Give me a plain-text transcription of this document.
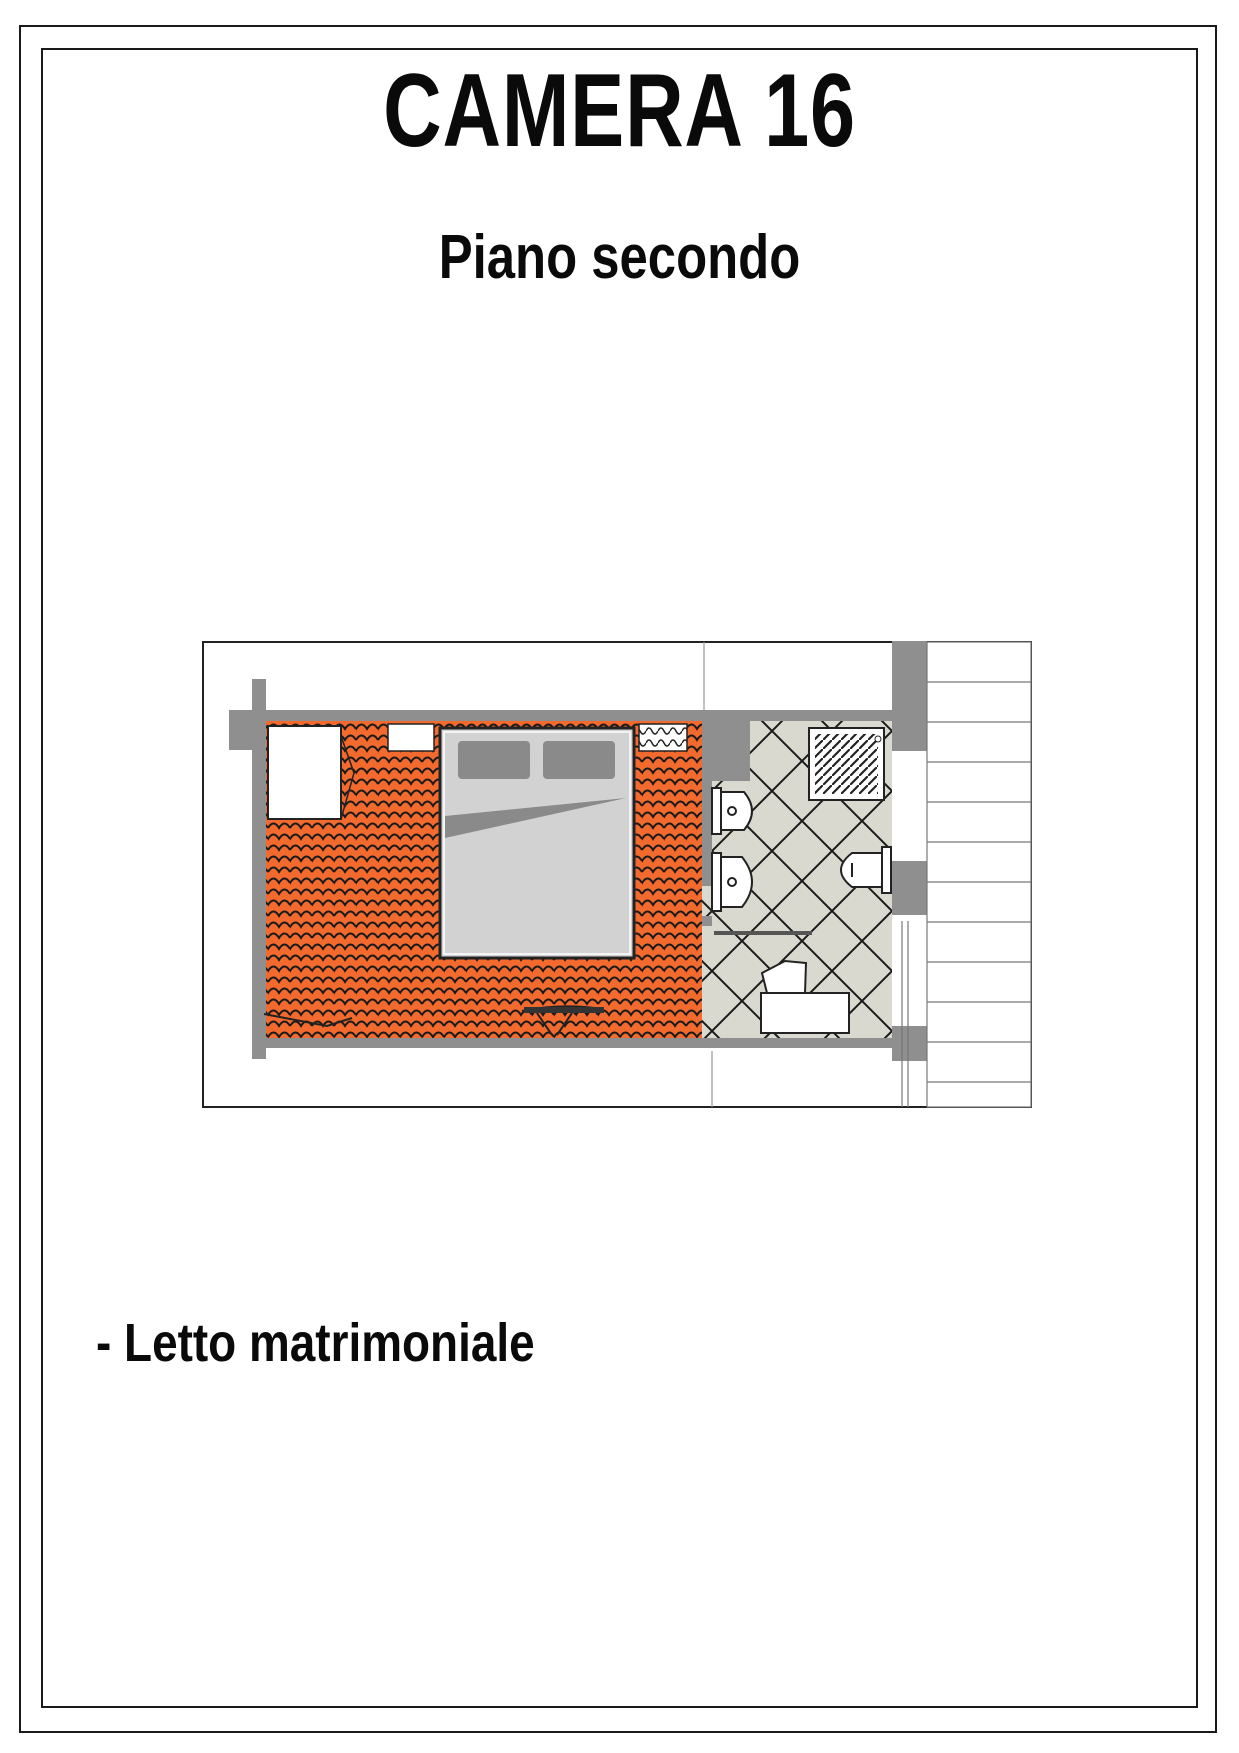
CAMERA 16
Piano secondo
- Letto matrimoniale
